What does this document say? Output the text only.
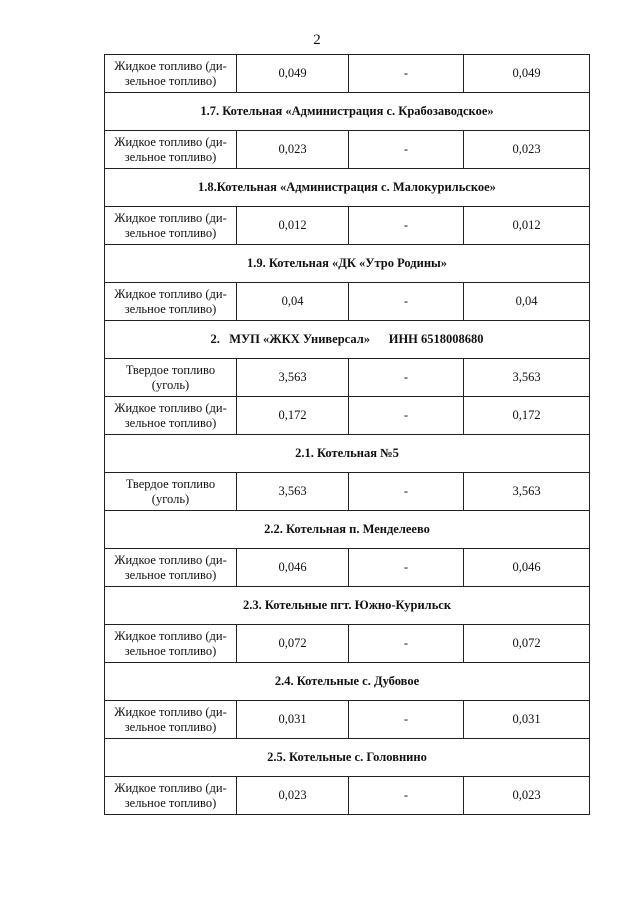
2
Жидкое топливо (ди-зельное топливо)	0,049	-	0,049
1.7. Котельная «Администрация с. Крабозаводское»			
Жидкое топливо (ди-зельное топливо)	0,023	-	0,023
1.8.Котельная «Администрация с. Малокурильское»			
Жидкое топливо (ди-зельное топливо)	0,012	-	0,012
1.9. Котельная «ДК «Утро Родины»			
Жидкое топливо (ди-зельное топливо)	0,04	-	0,04
2.   МУП «ЖКХ Универсал»      ИНН 6518008680			
Твердое топливо (уголь)	3,563	-	3,563
Жидкое топливо (ди-зельное топливо)	0,172	-	0,172
2.1. Котельная №5			
Твердое топливо (уголь)	3,563	-	3,563
2.2. Котельная п. Менделеево			
Жидкое топливо (ди-зельное топливо)	0,046	-	0,046
2.3. Котельные пгт. Южно-Курильск			
Жидкое топливо (ди-зельное топливо)	0,072	-	0,072
2.4. Котельные с. Дубовое			
Жидкое топливо (ди-зельное топливо)	0,031	-	0,031
2.5. Котельные с. Головнино			
Жидкое топливо (ди-зельное топливо)	0,023	-	0,023
